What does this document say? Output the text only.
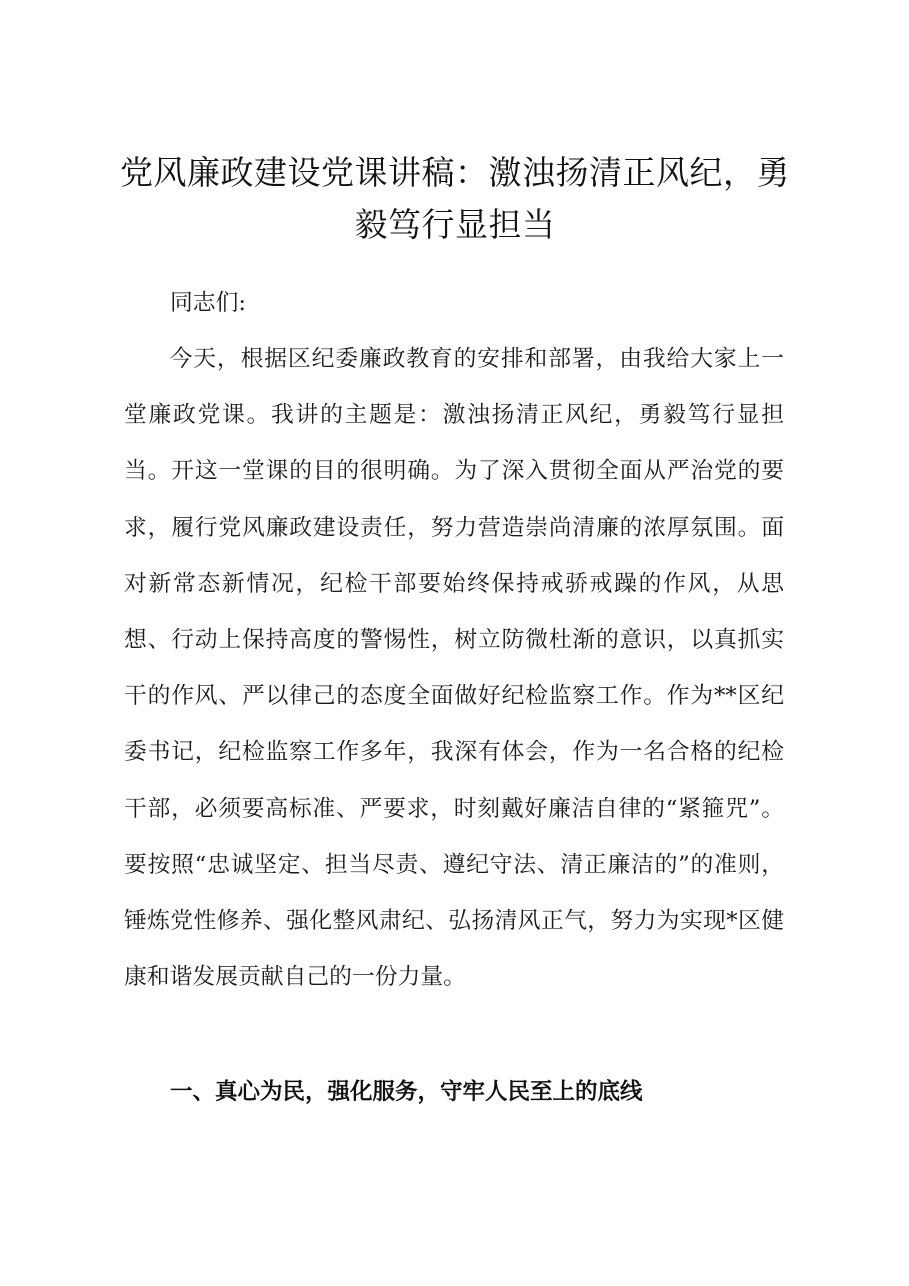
党风廉政建设党课讲稿：激浊扬清正风纪，勇毅笃行显担当

同志们:

今天，根据区纪委廉政教育的安排和部署，由我给大家上一堂廉政党课。我讲的主题是：激浊扬清正风纪，勇毅笃行显担当。开这一堂课的目的很明确。为了深入贯彻全面从严治党的要求，履行党风廉政建设责任，努力营造崇尚清廉的浓厚氛围。面对新常态新情况，纪检干部要始终保持戒骄戒躁的作风，从思想、行动上保持高度的警惕性，树立防微杜渐的意识，以真抓实干的作风、严以律己的态度全面做好纪检监察工作。作为**区纪委书记，纪检监察工作多年，我深有体会，作为一名合格的纪检干部，必须要高标准、严要求，时刻戴好廉洁自律的“紧箍咒”。要按照“忠诚坚定、担当尽责、遵纪守法、清正廉洁的”的准则，锤炼党性修养、强化整风肃纪、弘扬清风正气，努力为实现*区健康和谐发展贡献自己的一份力量。

一、真心为民，强化服务，守牢人民至上的底线
